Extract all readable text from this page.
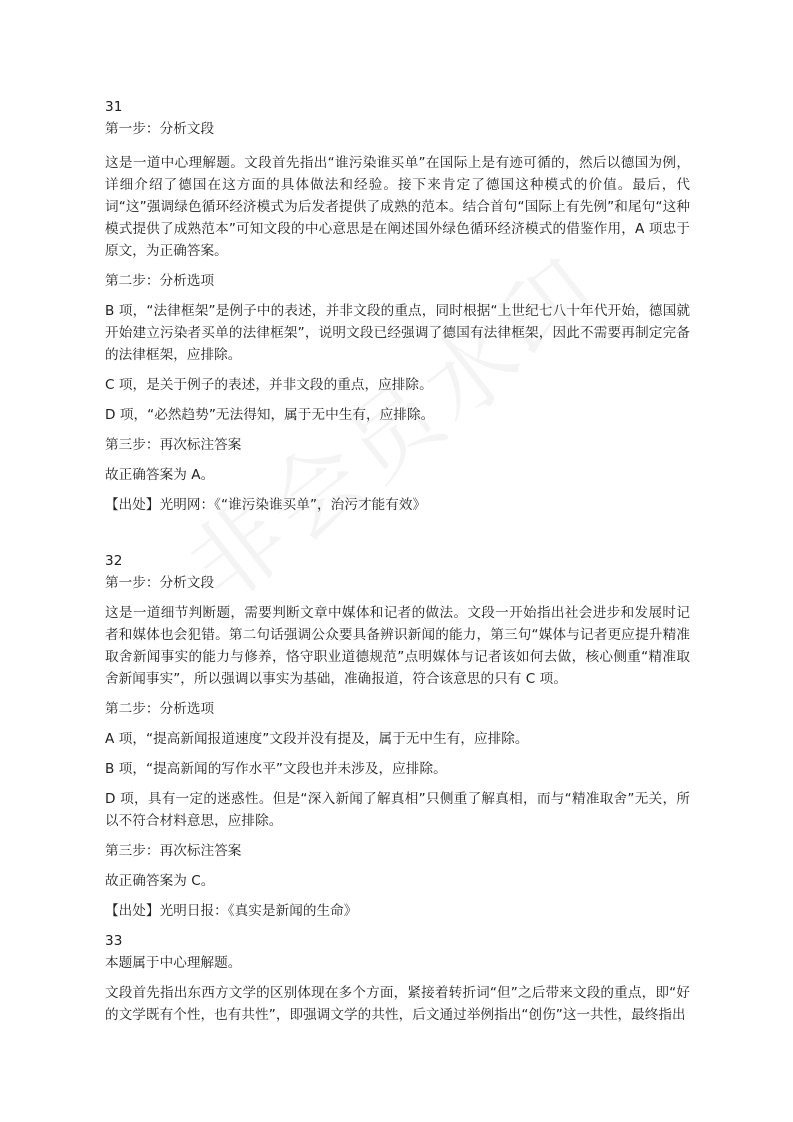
31

第一步：分析文段

这是一道中心理解题。文段首先指出“谁污染谁买单”在国际上是有迹可循的，然后以德国为例，详细介绍了德国在这方面的具体做法和经验。接下来肯定了德国这种模式的价值。最后，代词“这”强调绿色循环经济模式为后发者提供了成熟的范本。结合首句“国际上有先例”和尾句“这种模式提供了成熟范本”可知文段的中心意思是在阐述国外绿色循环经济模式的借鉴作用，A 项忠于原文，为正确答案。

第二步：分析选项

B 项，“法律框架”是例子中的表述，并非文段的重点，同时根据“上世纪七八十年代开始，德国就开始建立污染者买单的法律框架”，说明文段已经强调了德国有法律框架，因此不需要再制定完备的法律框架，应排除。

C 项，是关于例子的表述，并非文段的重点，应排除。

D 项，“必然趋势”无法得知，属于无中生有，应排除。

第三步：再次标注答案

故正确答案为 A。

【出处】光明网：《“谁污染谁买单”，治污才能有效》

32

第一步：分析文段

这是一道细节判断题，需要判断文章中媒体和记者的做法。文段一开始指出社会进步和发展时记者和媒体也会犯错。第二句话强调公众要具备辨识新闻的能力，第三句“媒体与记者更应提升精准取舍新闻事实的能力与修养，恪守职业道德规范”点明媒体与记者该如何去做，核心侧重“精准取舍新闻事实”，所以强调以事实为基础，准确报道，符合该意思的只有 C 项。

第二步：分析选项

A 项，“提高新闻报道速度”文段并没有提及，属于无中生有，应排除。

B 项，“提高新闻的写作水平”文段也并未涉及，应排除。

D 项，具有一定的迷惑性。但是“深入新闻了解真相”只侧重了解真相，而与“精准取舍”无关，所以不符合材料意思，应排除。

第三步：再次标注答案

故正确答案为 C。

【出处】光明日报：《真实是新闻的生命》

33

本题属于中心理解题。

文段首先指出东西方文学的区别体现在多个方面，紧接着转折词“但”之后带来文段的重点，即“好的文学既有个性，也有共性”，即强调文学的共性，后文通过举例指出“创伤”这一共性，最终指出
